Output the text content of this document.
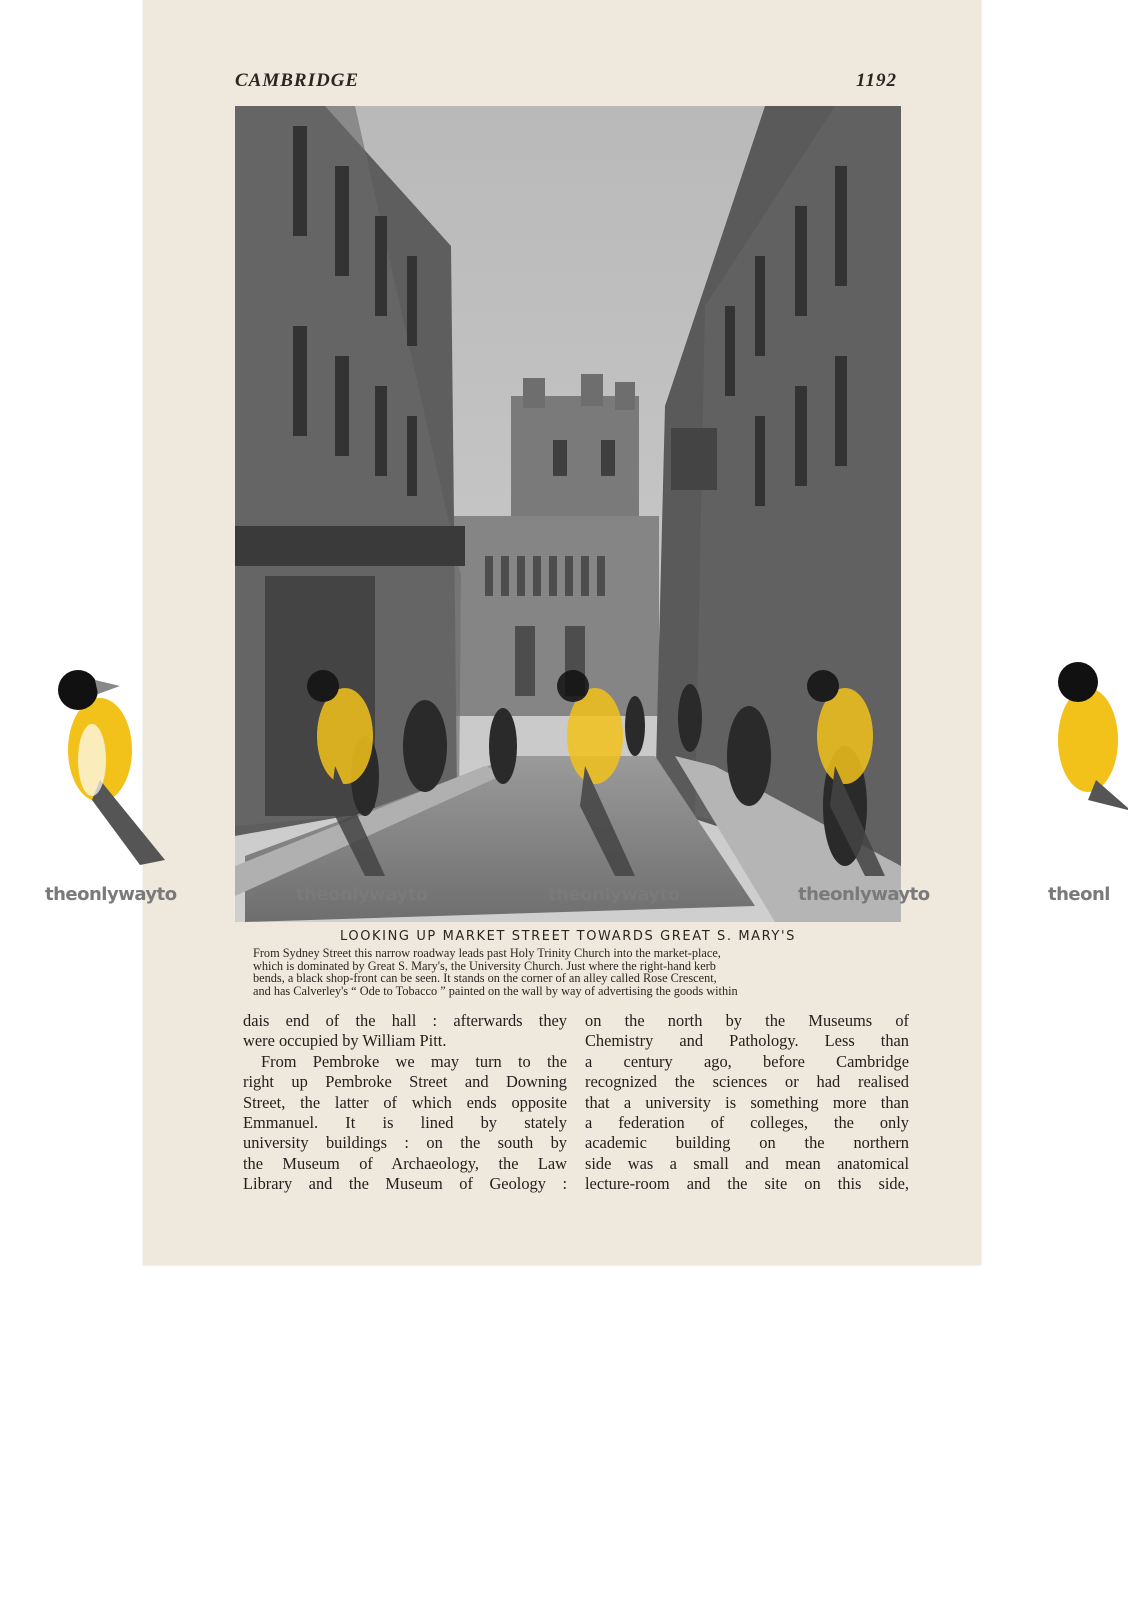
CAMBRIDGE	1192
LOOKING UP MARKET STREET TOWARDS GREAT S. MARY'S
From Sydney Street this narrow roadway leads past Holy Trinity Church into the market-place,
which is dominated by Great S. Mary's, the University Church. Just where the right-hand kerb
bends, a black shop-front can be seen. It stands on the corner of an alley called Rose Crescent,
and has Calverley's “ Ode to Tobacco ” painted on the wall by way of advertising the goods within
dais end of the hall : afterwards they
were occupied by William Pitt.
From Pembroke we may turn to the
right up Pembroke Street and Downing
Street, the latter of which ends opposite
Emmanuel. It is lined by stately
university buildings : on the south by
the Museum of Archaeology, the Law
Library and the Museum of Geology :
on the north by the Museums of
Chemistry and Pathology. Less than
a century ago, before Cambridge
recognized the sciences or had realised
that a university is something more than
a federation of colleges, the only
academic building on the northern
side was a small and mean anatomical
lecture-room and the site on this side,
theonlywayto	theonlywayto	theonlywayto	theonlywayto	theonl
